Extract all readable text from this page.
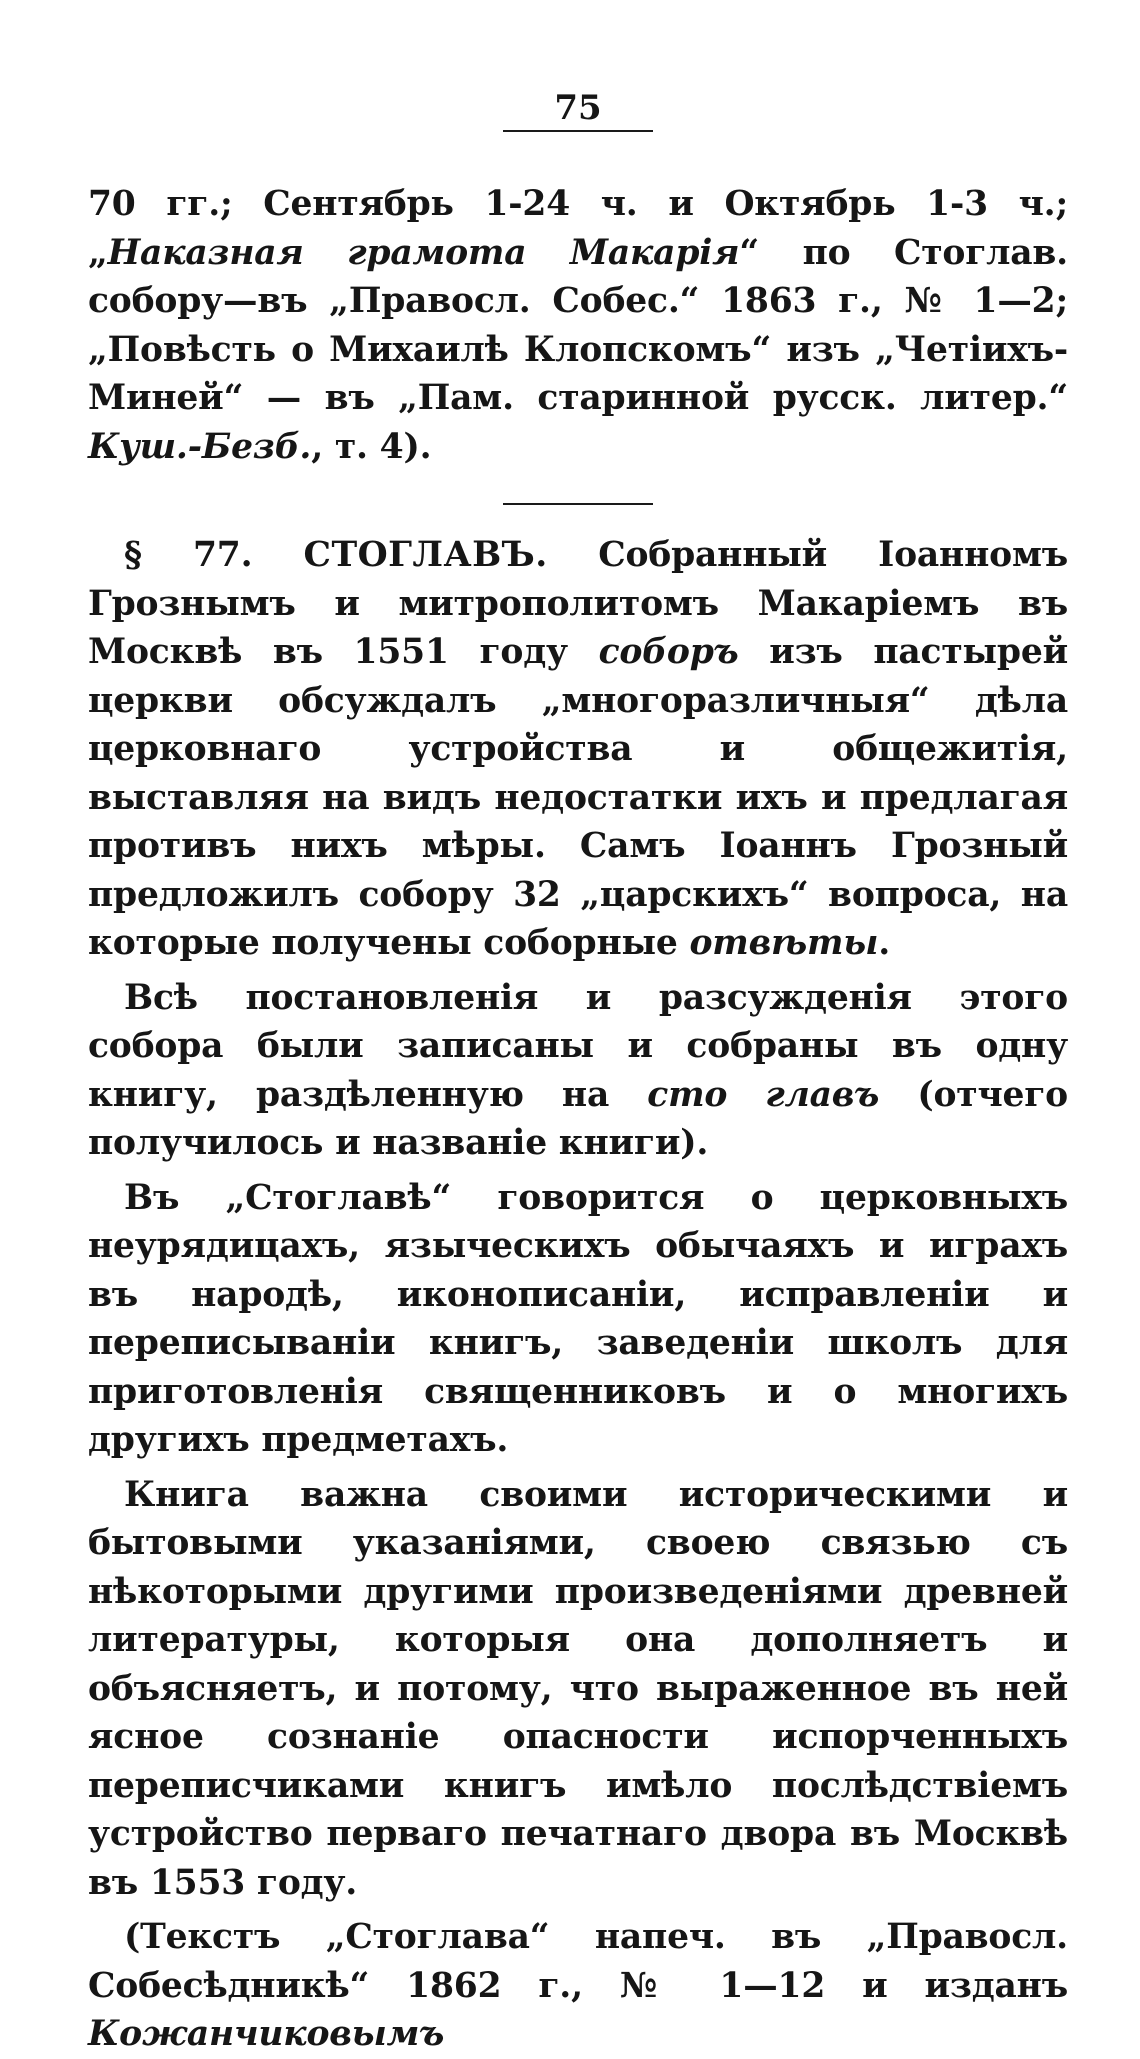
75

70 гг.; Сентябрь 1-24 ч. и Октябрь 1-3 ч.; „Наказная грамота Макарія“ по Стоглав. собору—въ „Правосл. Собес.“ 1863 г., № 1—2; „Повѣсть о Михаилѣ Клопскомъ“ изъ „Четіихъ-Миней“ — въ „Пам. старинной русск. литер.“ Куш.-Безб., т. 4).

§ 77. СТОГЛАВЪ. Собранный Іоанномъ Грознымъ и митрополитомъ Макаріемъ въ Москвѣ въ 1551 году соборъ изъ пастырей церкви обсуждалъ „многоразличныя“ дѣла церковнаго устройства и общежитія, выставляя на видъ недостатки ихъ и предлагая противъ нихъ мѣры. Самъ Іоаннъ Грозный предложилъ собору 32 „царскихъ“ вопроса, на которые получены соборные отвѣты.

Всѣ постановленія и разсужденія этого собора были записаны и собраны въ одну книгу, раздѣленную на сто главъ (отчего получилось и названіе книги).

Въ „Стоглавѣ“ говорится о церковныхъ неурядицахъ, языческихъ обычаяхъ и играхъ въ народѣ, иконописаніи, исправленіи и переписываніи книгъ, заведеніи школъ для приготовленія священниковъ и о многихъ другихъ предметахъ.

Книга важна своими историческими и бытовыми указаніями, своею связью съ нѣкоторыми другими произведеніями древней литературы, которыя она дополняетъ и объясняетъ, и потому, что выраженное въ ней ясное сознаніе опасности испорченныхъ переписчиками книгъ имѣло послѣдствіемъ устройство перваго печатнаго двора въ Москвѣ въ 1553 году.

(Текстъ „Стоглава“ напеч. въ „Правосл. Собесѣдникѣ“ 1862 г., № 1—12 и изданъ Кожанчиковымъ
